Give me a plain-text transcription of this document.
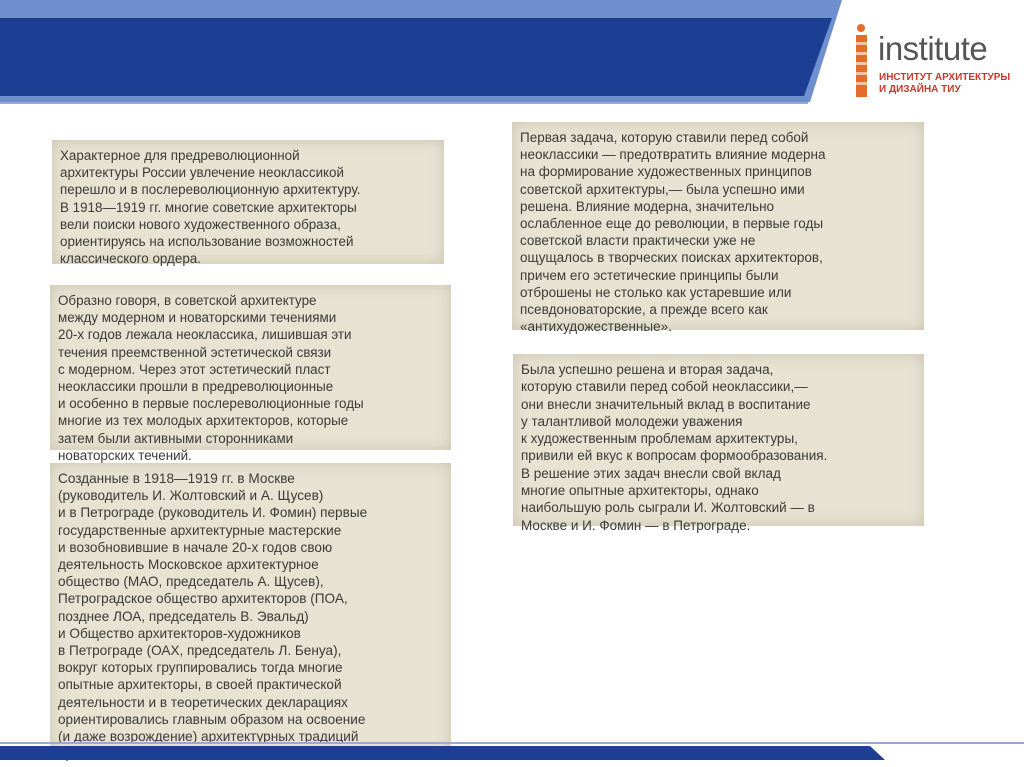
institute
ИНСТИТУТ АРХИТЕКТУРЫ
И ДИЗАЙНА ТИУ

Характерное для предреволюционной
архитектуры России увлечение неоклассикой
перешло и в послереволюционную архитектуру.
В 1918—1919 гг. многие советские архитекторы
вели поиски нового художественного образа,
ориентируясь на использование возможностей
классического ордера.

Образно говоря, в советской архитектуре
между модерном и новаторскими течениями
20-х годов лежала неоклассика, лишившая эти
течения преемственной эстетической связи
с модерном. Через этот эстетический пласт
неоклассики прошли в предреволюционные
и особенно в первые послереволюционные годы
многие из тех молодых архитекторов, которые
затем были активными сторонниками
новаторских течений.

Созданные в 1918—1919 гг. в Москве
(руководитель И. Жолтовский и А. Щусев)
и в Петрограде (руководитель И. Фомин) первые
государственные архитектурные мастерские
и возобновившие в начале 20-х годов свою
деятельность Московское архитектурное
общество (МАО, председатель А. Щусев),
Петроградское общество архитекторов (ПОА,
позднее ЛОА, председатель В. Эвальд)
и Общество архитекторов-художников
в Петрограде (ОАХ, председатель Л. Бенуа),
вокруг которых группировались тогда многие
опытные архитекторы, в своей практической
деятельности и в теоретических декларациях
ориентировались главным образом на освоение
(и даже возрождение) архитектурных традиций

Первая задача, которую ставили перед собой
неоклассики — предотвратить влияние модерна
на формирование художественных принципов
советской архитектуры,— была успешно ими
решена. Влияние модерна, значительно
ослабленное еще до революции, в первые годы
советской власти практически уже не
ощущалось в творческих поисках архитекторов,
причем его эстетические принципы были
отброшены не столько как устаревшие или
псевдоноваторские, а прежде всего как
«антихудожественные».

Была успешно решена и вторая задача,
которую ставили перед собой неоклассики,—
они внесли значительный вклад в воспитание
у талантливой молодежи уважения
к художественным проблемам архитектуры,
привили ей вкус к вопросам формообразования.
В решение этих задач внесли свой вклад
многие опытные архитекторы, однако
наибольшую роль сыграли И. Жолтовский — в
Москве и И. Фомин — в Петрограде.
